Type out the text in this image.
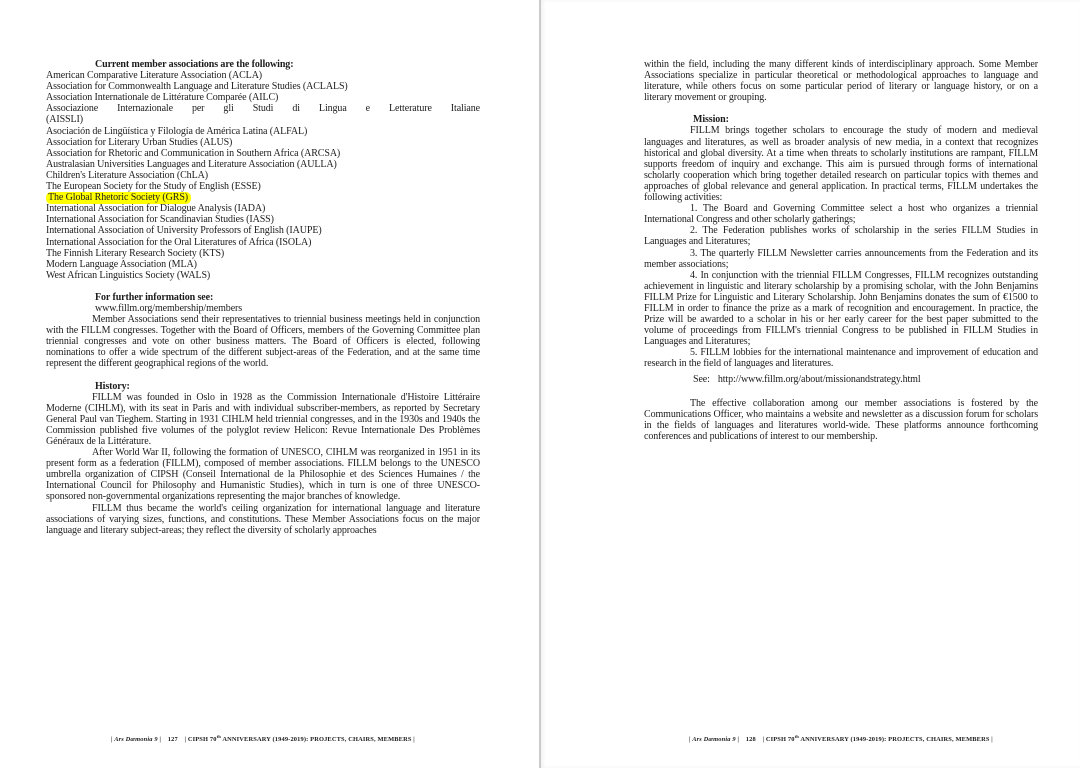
Current member associations are the following:
American Comparative Literature Association (ACLA)
Association for Commonwealth Language and Literature Studies (ACLALS)
Association Internationale de Littérature Comparée (AILC)
Associazione Internazionale per gli Studi di Lingua e Letterature Italiane
(AISSLI)
Asociación de Lingüística y Filología de América Latina (ALFAL)
Association for Literary Urban Studies (ALUS)
Association for Rhetoric and Communication in Southern Africa (ARCSA)
Australasian Universities Languages and Literature Association (AULLA)
Children's Literature Association (ChLA)
The European Society for the Study of English (ESSE)
The Global Rhetoric Society (GRS)
International Association for Dialogue Analysis (IADA)
International Association for Scandinavian Studies (IASS)
International Association of University Professors of English (IAUPE)
International Association for the Oral Literatures of Africa (ISOLA)
The Finnish Literary Research Society (KTS)
Modern Language Association (MLA)
West African Linguistics Society (WALS)
For further information see:
www.fillm.org/membership/members

Member Associations send their representatives to triennial business meetings held in conjunction with the FILLM congresses. Together with the Board of Officers, members of the Governing Committee plan triennial congresses and vote on other business matters. The Board of Officers is elected, following nominations to offer a wide spectrum of the different subject-areas of the Federation, and at the same time represent the different geographical regions of the world.

History:

FILLM was founded in Oslo in 1928 as the Commission Internationale d'Histoire Littéraire Moderne (CIHLM), with its seat in Paris and with individual subscriber-members, as reported by Secretary General Paul van Tieghem. Starting in 1931 CIHLM held triennial congresses, and in the 1930s and 1940s the Commission published five volumes of the polyglot review Helicon: Revue Internationale Des Problèmes Généraux de la Littérature.

After World War II, following the formation of UNESCO, CIHLM was reorganized in 1951 in its present form as a federation (FILLM), composed of member associations. FILLM belongs to the UNESCO umbrella organization of CIPSH (Conseil International de la Philosophie et des Sciences Humaines / the International Council for Philosophy and Humanistic Studies), which in turn is one of three UNESCO-sponsored non-governmental organizations representing the major branches of knowledge.

FILLM thus became the world's ceiling organization for international language and literature associations of varying sizes, functions, and constitutions. These Member Associations focus on the major language and literary subject-areas; they reflect the diversity of scholarly approaches

| Ars Dæmonia 9 | 127 | CIPSH 70th ANNIVERSARY (1949-2019): PROJECTS, CHAIRS, MEMBERS |

within the field, including the many different kinds of interdisciplinary approach. Some Member Associations specialize in particular theoretical or methodological approaches to language and literature, while others focus on some particular period of literary or language history, or on a literary movement or grouping.

Mission:

FILLM brings together scholars to encourage the study of modern and medieval languages and literatures, as well as broader analysis of new media, in a context that recognizes historical and global diversity. At a time when threats to scholarly institutions are rampant, FILLM supports freedom of inquiry and exchange. This aim is pursued through forms of international scholarly cooperation which bring together detailed research on particular topics with themes and approaches of global relevance and general application. In practical terms, FILLM undertakes the following activities:

1. The Board and Governing Committee select a host who organizes a triennial International Congress and other scholarly gatherings;

2. The Federation publishes works of scholarship in the series FILLM Studies in Languages and Literatures;

3. The quarterly FILLM Newsletter carries announcements from the Federation and its member associations;

4. In conjunction with the triennial FILLM Congresses, FILLM recognizes outstanding achievement in linguistic and literary scholarship by a promising scholar, with the John Benjamins FILLM Prize for Linguistic and Literary Scholarship. John Benjamins donates the sum of €1500 to FILLM in order to finance the prize as a mark of recognition and encouragement. In practice, the Prize will be awarded to a scholar in his or her early career for the best paper submitted to the volume of proceedings from FILLM's triennial Congress to be published in FILLM Studies in Languages and Literatures;

5. FILLM lobbies for the international maintenance and improvement of education and research in the field of languages and literatures.

See: http://www.fillm.org/about/missionandstrategy.html

The effective collaboration among our member associations is fostered by the Communications Officer, who maintains a website and newsletter as a discussion forum for scholars in the fields of languages and literatures world-wide. These platforms announce forthcoming conferences and publications of interest to our membership.

| Ars Dæmonia 9 | 128 | CIPSH 70th ANNIVERSARY (1949-2019): PROJECTS, CHAIRS, MEMBERS |
